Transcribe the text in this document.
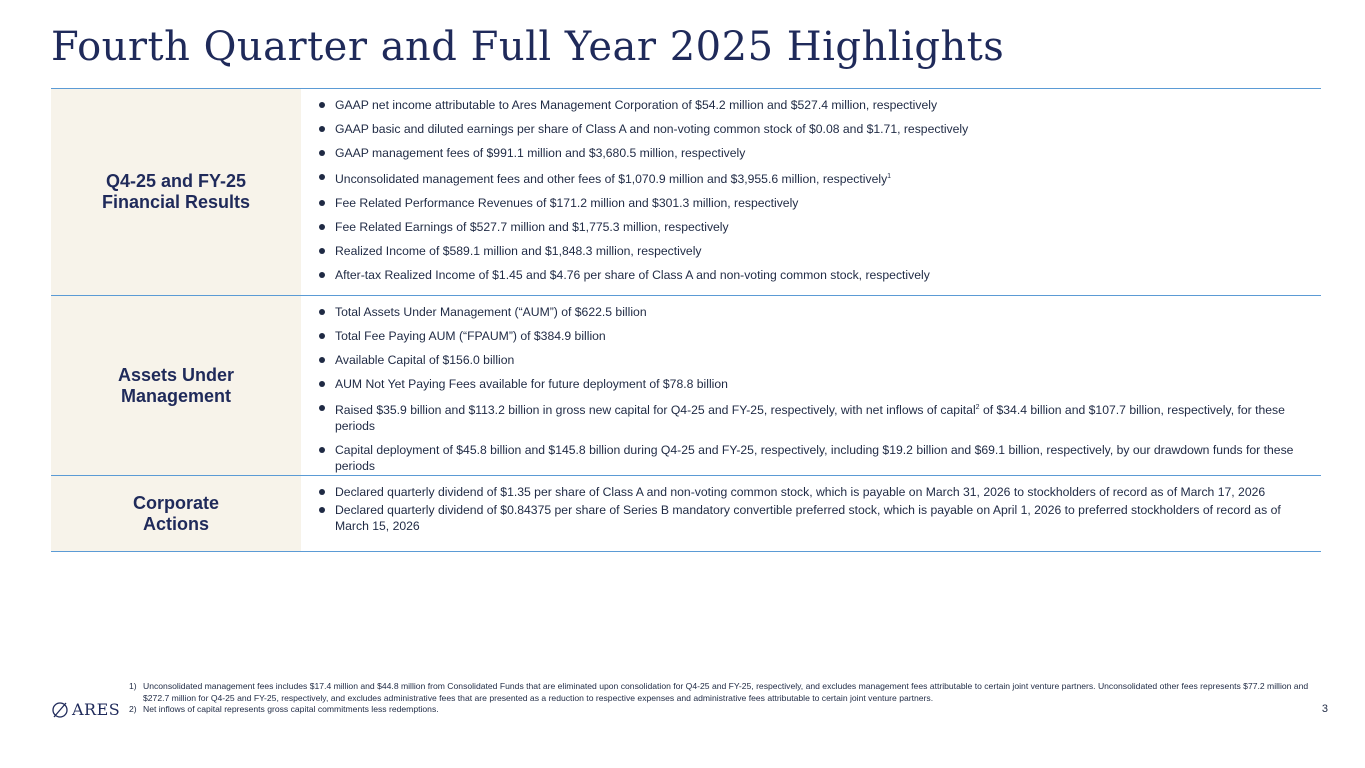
Fourth Quarter and Full Year 2025 Highlights
Q4-25 and FY-25
Financial Results
GAAP net income attributable to Ares Management Corporation of $54.2 million and $527.4 million, respectively
GAAP basic and diluted earnings per share of Class A and non-voting common stock of $0.08 and $1.71, respectively
GAAP management fees of $991.1 million and $3,680.5 million, respectively
Unconsolidated management fees and other fees of $1,070.9 million and $3,955.6 million, respectively$^1$
Fee Related Performance Revenues of $171.2 million and $301.3 million, respectively
Fee Related Earnings of $527.7 million and $1,775.3 million, respectively
Realized Income of $589.1 million and $1,848.3 million, respectively
After-tax Realized Income of $1.45 and $4.76 per share of Class A and non-voting common stock, respectively
Assets Under
Management
Total Assets Under Management (“AUM”) of $622.5 billion
Total Fee Paying AUM (“FPAUM”) of $384.9 billion
Available Capital of $156.0 billion
AUM Not Yet Paying Fees available for future deployment of $78.8 billion
Raised $35.9 billion and $113.2 billion in gross new capital for Q4-25 and FY-25, respectively, with net inflows of capital$^2$ of $34.4 billion and $107.7 billion, respectively, for these periods
Capital deployment of $45.8 billion and $145.8 billion during Q4-25 and FY-25, respectively, including $19.2 billion and $69.1 billion, respectively, by our drawdown funds for these periods
Corporate
Actions
Declared quarterly dividend of $1.35 per share of Class A and non-voting common stock, which is payable on March 31, 2026 to stockholders of record as of March 17, 2026
Declared quarterly dividend of $0.84375 per share of Series B mandatory convertible preferred stock, which is payable on April 1, 2026 to preferred stockholders of record as of March 15, 2026
1) Unconsolidated management fees includes $17.4 million and $44.8 million from Consolidated Funds that are eliminated upon consolidation for Q4-25 and FY-25, respectively, and excludes management fees attributable to certain joint venture partners. Unconsolidated other fees represents $77.2 million and $272.7 million for Q4-25 and FY-25, respectively, and excludes administrative fees that are presented as a reduction to respective expenses and administrative fees attributable to certain joint venture partners.
2) Net inflows of capital represents gross capital commitments less redemptions.
ARES	3
